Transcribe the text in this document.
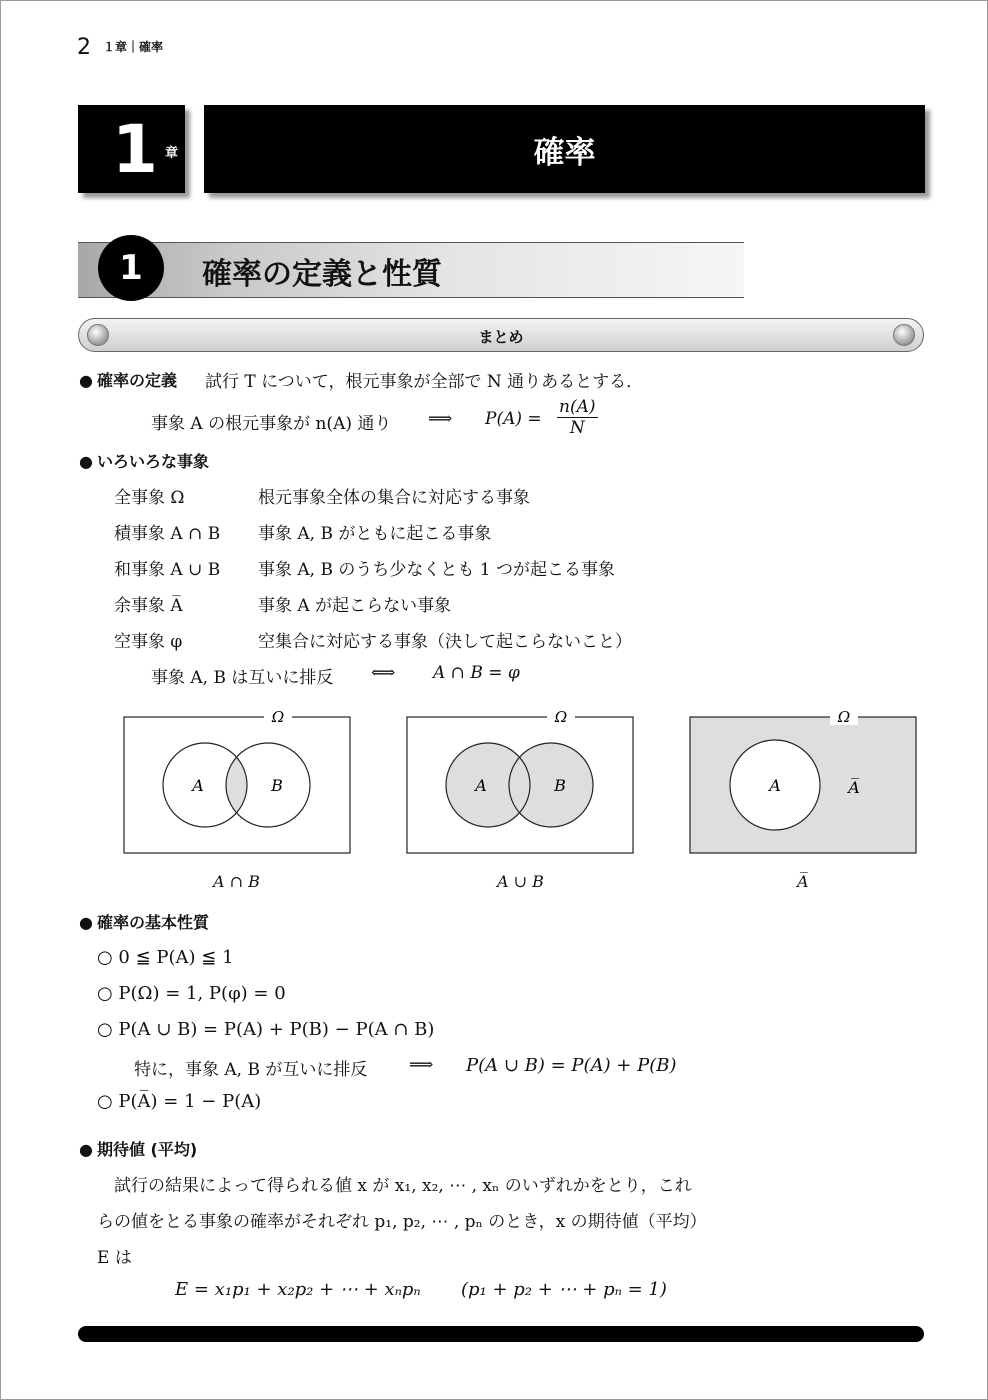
2 $^{1章|確率}$
1 章	確率
1	確率の定義と性質
まとめ
● 確率の定義 試行 T について，根元事象が全部で N 通りあるとする．
事象 A の根元事象が n(A) 通り ⟹ $P(A) = \frac{n(A)}{N}$
● いろいろな事象
全事象 Ω	根元事象全体の集合に対応する事象
積事象 A ∩ B 事象 A, B がともに起こる事象
和事象 A ∪ B 事象 A, B のうち少なくとも 1 つが起こる事象
余事象 A̅	事象 A が起こらない事象
空事象 φ	空集合に対応する事象（決して起こらないこと）
事象 A, B は互いに排反 ⟺ A ∩ B = φ
Ω
A	B
A ∩ B
Ω
A	B
A ∪ B
Ω
A	A̅
A̅
● 確率の基本性質
○ 0 ≦ P(A) ≦ 1
○ P(Ω) = 1, P(φ) = 0
○ P(A ∪ B) = P(A) + P(B) − P(A ∩ B)
特に，事象 A, B が互いに排反 ⟹ P(A ∪ B) = P(A) + P(B)
○ P(A̅) = 1 − P(A)
● 期待値 (平均)
試行の結果によって得られる値 x が x₁, x₂, ⋯ , xₙ のいずれかをとり，これ
らの値をとる事象の確率がそれぞれ p₁, p₂, ⋯ , pₙ のとき，x の期待値（平均）
E は
E = x₁p₁ + x₂p₂ + ⋯ + xₙpₙ (p₁ + p₂ + ⋯ + pₙ = 1)
